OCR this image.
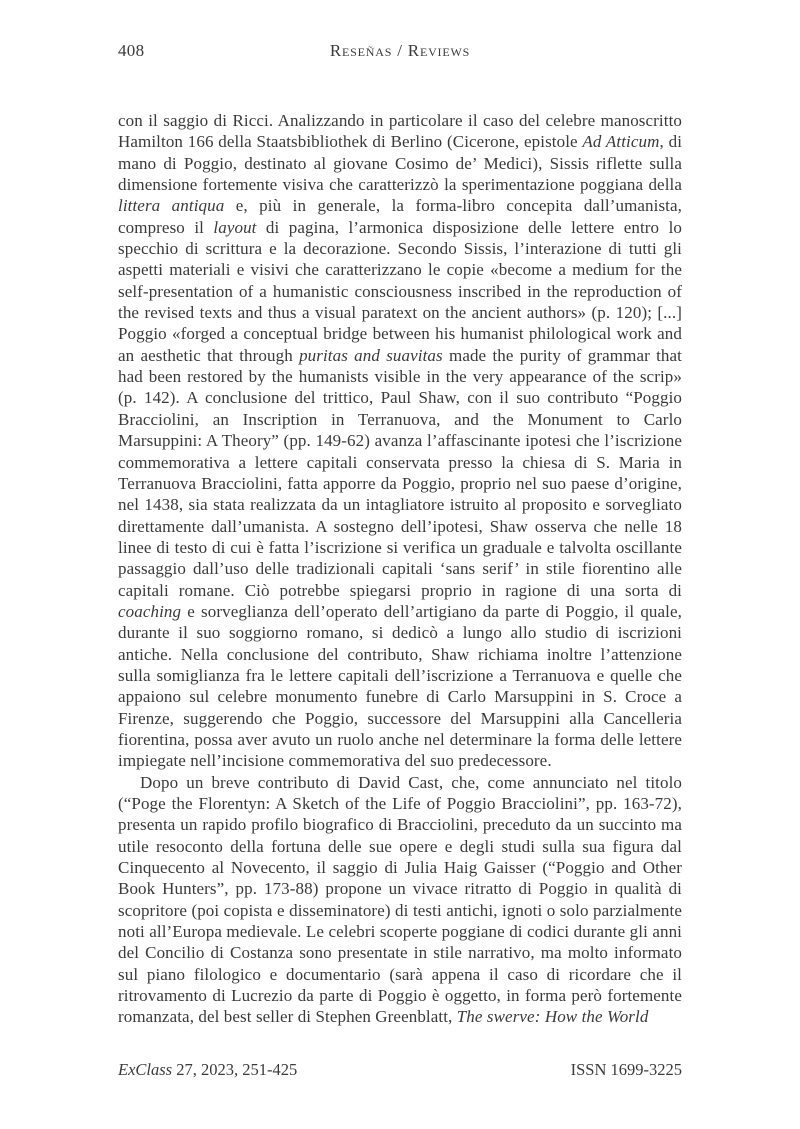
408	Reseñas / Reviews

con il saggio di Ricci. Analizzando in particolare il caso del celebre manoscritto Hamilton 166 della Staatsbibliothek di Berlino (Cicerone, epistole Ad Atticum, di mano di Poggio, destinato al giovane Cosimo de’ Medici), Sissis riflette sulla dimensione fortemente visiva che caratterizzò la sperimentazione poggiana della littera antiqua e, più in generale, la forma-libro concepita dall’umanista, compreso il layout di pagina, l’armonica disposizione delle lettere entro lo specchio di scrittura e la decorazione. Secondo Sissis, l’interazione di tutti gli aspetti materiali e visivi che caratterizzano le copie «become a medium for the self-presentation of a humanistic consciousness inscribed in the reproduction of the revised texts and thus a visual paratext on the ancient authors» (p. 120); [...] Poggio «forged a conceptual bridge between his humanist philological work and an aesthetic that through puritas and suavitas made the purity of grammar that had been restored by the humanists visible in the very appearance of the scrip» (p. 142). A conclusione del trittico, Paul Shaw, con il suo contributo “Poggio Bracciolini, an Inscription in Terranuova, and the Monument to Carlo Marsuppini: A Theory” (pp. 149-62) avanza l’affascinante ipotesi che l’iscrizione commemorativa a lettere capitali conservata presso la chiesa di S. Maria in Terranuova Bracciolini, fatta apporre da Poggio, proprio nel suo paese d’origine, nel 1438, sia stata realizzata da un intagliatore istruito al proposito e sorvegliato direttamente dall’umanista. A sostegno dell’ipotesi, Shaw osserva che nelle 18 linee di testo di cui è fatta l’iscrizione si verifica un graduale e talvolta oscillante passaggio dall’uso delle tradizionali capitali ‘sans serif’ in stile fiorentino alle capitali romane. Ciò potrebbe spiegarsi proprio in ragione di una sorta di coaching e sorveglianza dell’operato dell’artigiano da parte di Poggio, il quale, durante il suo soggiorno romano, si dedicò a lungo allo studio di iscrizioni antiche. Nella conclusione del contributo, Shaw richiama inoltre l’attenzione sulla somiglianza fra le lettere capitali dell’iscrizione a Terranuova e quelle che appaiono sul celebre monumento funebre di Carlo Marsuppini in S. Croce a Firenze, suggerendo che Poggio, successore del Marsuppini alla Cancelleria fiorentina, possa aver avuto un ruolo anche nel determinare la forma delle lettere impiegate nell’incisione commemorativa del suo predecessore.

Dopo un breve contributo di David Cast, che, come annunciato nel titolo (“Poge the Florentyn: A Sketch of the Life of Poggio Bracciolini”, pp. 163-72), presenta un rapido profilo biografico di Bracciolini, preceduto da un succinto ma utile resoconto della fortuna delle sue opere e degli studi sulla sua figura dal Cinquecento al Novecento, il saggio di Julia Haig Gaisser (“Poggio and Other Book Hunters”, pp. 173-88) propone un vivace ritratto di Poggio in qualità di scopritore (poi copista e disseminatore) di testi antichi, ignoti o solo parzialmente noti all’Europa medievale. Le celebri scoperte poggiane di codici durante gli anni del Concilio di Costanza sono presentate in stile narrativo, ma molto informato sul piano filologico e documentario (sarà appena il caso di ricordare che il ritrovamento di Lucrezio da parte di Poggio è oggetto, in forma però fortemente romanzata, del best seller di Stephen Greenblatt, The swerve: How the World

ExClass 27, 2023, 251-425	ISSN 1699-3225
